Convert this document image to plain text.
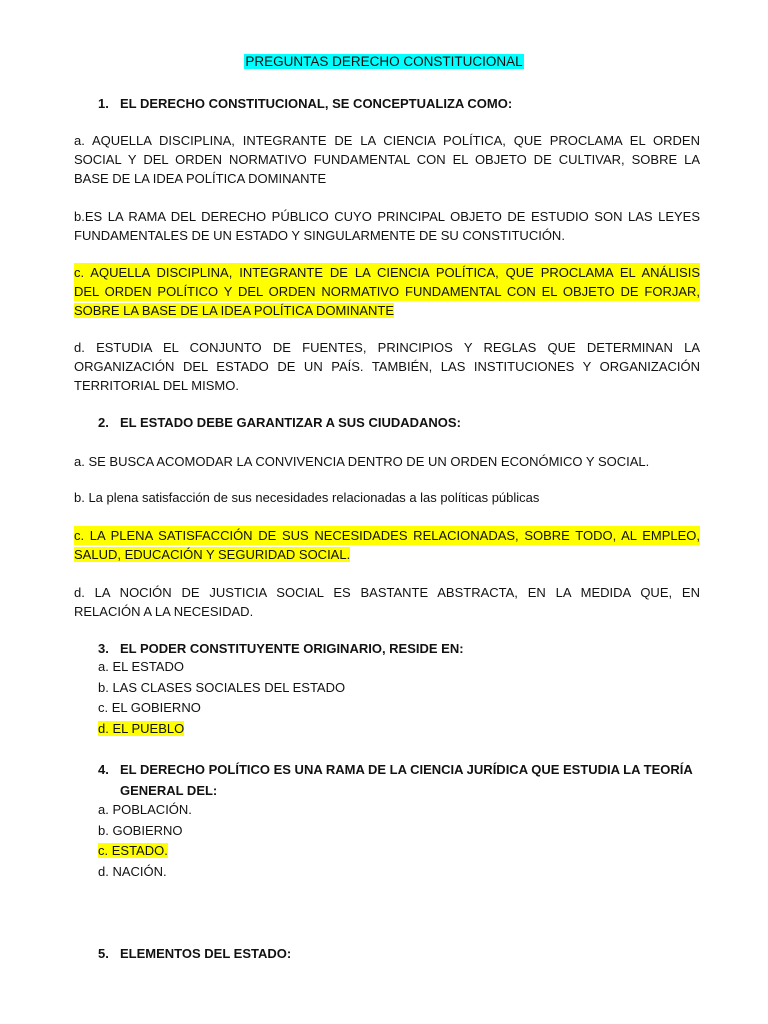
PREGUNTAS DERECHO CONSTITUCIONAL
1. EL DERECHO CONSTITUCIONAL, SE CONCEPTUALIZA COMO:
a. AQUELLA DISCIPLINA, INTEGRANTE DE LA CIENCIA POLÍTICA, QUE PROCLAMA EL ORDEN
SOCIAL Y DEL ORDEN NORMATIVO FUNDAMENTAL CON EL OBJETO DE CULTIVAR, SOBRE LA
BASE DE LA IDEA POLÍTICA DOMINANTE
b.ES LA RAMA DEL DERECHO PÚBLICO CUYO PRINCIPAL OBJETO DE ESTUDIO SON LAS LEYES
FUNDAMENTALES DE UN ESTADO Y SINGULARMENTE DE SU CONSTITUCIÓN.
c. AQUELLA DISCIPLINA, INTEGRANTE DE LA CIENCIA POLÍTICA, QUE PROCLAMA EL ANÁLISIS
DEL ORDEN POLÍTICO Y DEL ORDEN NORMATIVO FUNDAMENTAL CON EL OBJETO DE FORJAR,
SOBRE LA BASE DE LA IDEA POLÍTICA DOMINANTE
d. ESTUDIA EL CONJUNTO DE FUENTES, PRINCIPIOS Y REGLAS QUE DETERMINAN LA
ORGANIZACIÓN DEL ESTADO DE UN PAÍS. TAMBIÉN, LAS INSTITUCIONES Y ORGANIZACIÓN
TERRITORIAL DEL MISMO.
2. EL ESTADO DEBE GARANTIZAR A SUS CIUDADANOS:
a. SE BUSCA ACOMODAR LA CONVIVENCIA DENTRO DE UN ORDEN ECONÓMICO Y SOCIAL.
b. La plena satisfacción de sus necesidades relacionadas a las políticas públicas
c. LA PLENA SATISFACCIÓN DE SUS NECESIDADES RELACIONADAS, SOBRE TODO, AL EMPLEO,
SALUD, EDUCACIÓN Y SEGURIDAD SOCIAL.
d. LA NOCIÓN DE JUSTICIA SOCIAL ES BASTANTE ABSTRACTA, EN LA MEDIDA QUE, EN
RELACIÓN A LA NECESIDAD.
3. EL PODER CONSTITUYENTE ORIGINARIO, RESIDE EN:
a. EL ESTADO
b. LAS CLASES SOCIALES DEL ESTADO
c. EL GOBIERNO
d. EL PUEBLO
4. EL DERECHO POLÍTICO ES UNA RAMA DE LA CIENCIA JURÍDICA QUE ESTUDIA LA TEORÍA
GENERAL DEL:
a. POBLACIÓN.
b. GOBIERNO
c. ESTADO.
d. NACIÓN.
5. ELEMENTOS DEL ESTADO:
